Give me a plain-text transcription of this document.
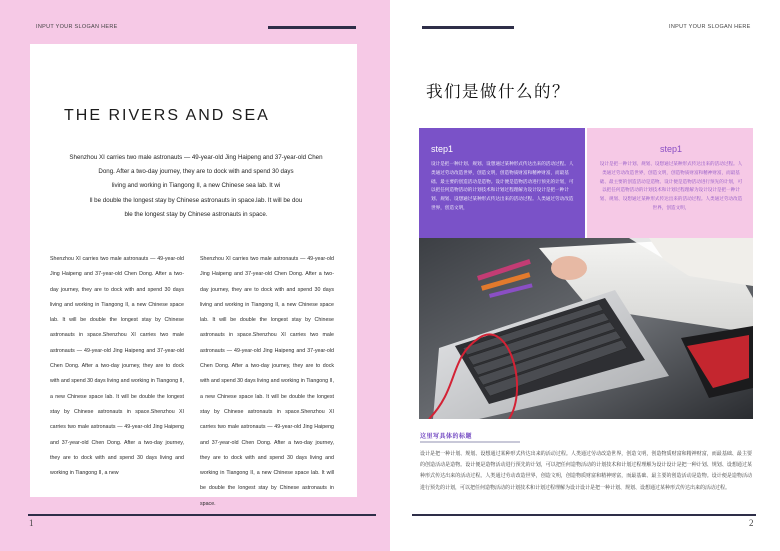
INPUT YOUR SLOGAN HERE
THE RIVERS AND SEA
Shenzhou XI carries two male astronauts — 49-year-old Jing Haipeng and 37-year-old Chen
Dong. After a two-day journey, they are to dock with and spend 30 days
living and working in Tiangong II, a new Chinese sea lab. It wi
ll be double the longest stay by Chinese astronauts in space.lab. It will be dou
ble the longest stay by Chinese astronauts in space.
Shenzhou XI carries two male astronauts — 49-year-old Jing Haipeng and 37-year-old Chen Dong. After a two-day journey, they are to dock with and spend 30 days living and working in Tiangong II, a new Chinese space lab. It will be double the longest stay by Chinese astronauts in space.Shenzhou XI carries two male astronauts — 49-year-old Jing Haipeng and 37-year-old Chen Dong. After a two-day journey, they are to dock with and spend 30 days living and working in Tiangong II, a new Chinese space lab. It will be double the longest stay by Chinese astronauts in space.Shenzhou XI carries two male astronauts — 49-year-old Jing Haipeng and 37-year-old Chen Dong. After a two-day journey, they are to dock with and spend 30 days living and working in Tiangong II, a new
Shenzhou XI carries two male astronauts — 49-year-old Jing Haipeng and 37-year-old Chen Dong. After a two-day journey, they are to dock with and spend 30 days living and working in Tiangong II, a new Chinese space lab. It will be double the longest stay by Chinese astronauts in space.Shenzhou XI carries two male astronauts — 49-year-old Jing Haipeng and 37-year-old Chen Dong. After a two-day journey, they are to dock with and spend 30 days living and working in Tiangong II, a new Chinese space lab. It will be double the longest stay by Chinese astronauts in space.Shenzhou XI carries two male astronauts — 49-year-old Jing Haipeng and 37-year-old Chen Dong. After a two-day journey, they are to dock with and spend 30 days living and working in Tiangong II, a new Chinese space lab. It will be double the longest stay by Chinese astronauts in space.
1
INPUT YOUR SLOGAN HERE
我们是做什么的？
step1
设计是把一种计划、规划、设想通过某种形式传达出来的活动过程。人类通过劳动改造世界，创造文明，创造物质财富和精神财富，而最基础、最主要的创造活动是造物。设计便是造物活动进行预先的计划，可以把任何造物活动的计划技术和计划过程理解为设计设计是把一种计划、规划、设想通过某种形式传达出来的活动过程。人类通过劳动改造世界，创造文明，
step1
设计是把一种计划、规划、设想通过某种形式传达出来的活动过程。人类通过劳动改造世界，创造文明，创造物质财富和精神财富，而最基础、最主要的创造活动是造物。设计便是造物活动进行预先的计划，可以把任何造物活动的计划技术和计划过程理解为设计设计是把一种计划、规划、设想通过某种形式传达出来的活动过程。人类通过劳动改造世界，创造文明，
这里写具体的标题
设计是把一种计划、规划、设想通过某种形式传达出来的活动过程。人类通过劳动改造世界，创造文明，创造物质财富和精神财富，而最基础、最主要的创造活动是造物。设计便是造物活动进行预先的计划，可以把任何造物活动的计划技术和计划过程理解为设计设计是把一种计划、规划、设想通过某种形式传达出来的活动过程。人类通过劳动改造世界，创造文明，创造物质财富和精神财富，而最基础、最主要的创造活动是造物。设计便是造物活动进行预先的计划，可以把任何造物活动的计划技术和计划过程理解为设计设计是把一种计划、规划、设想通过某种形式传达出来的活动过程。
2
